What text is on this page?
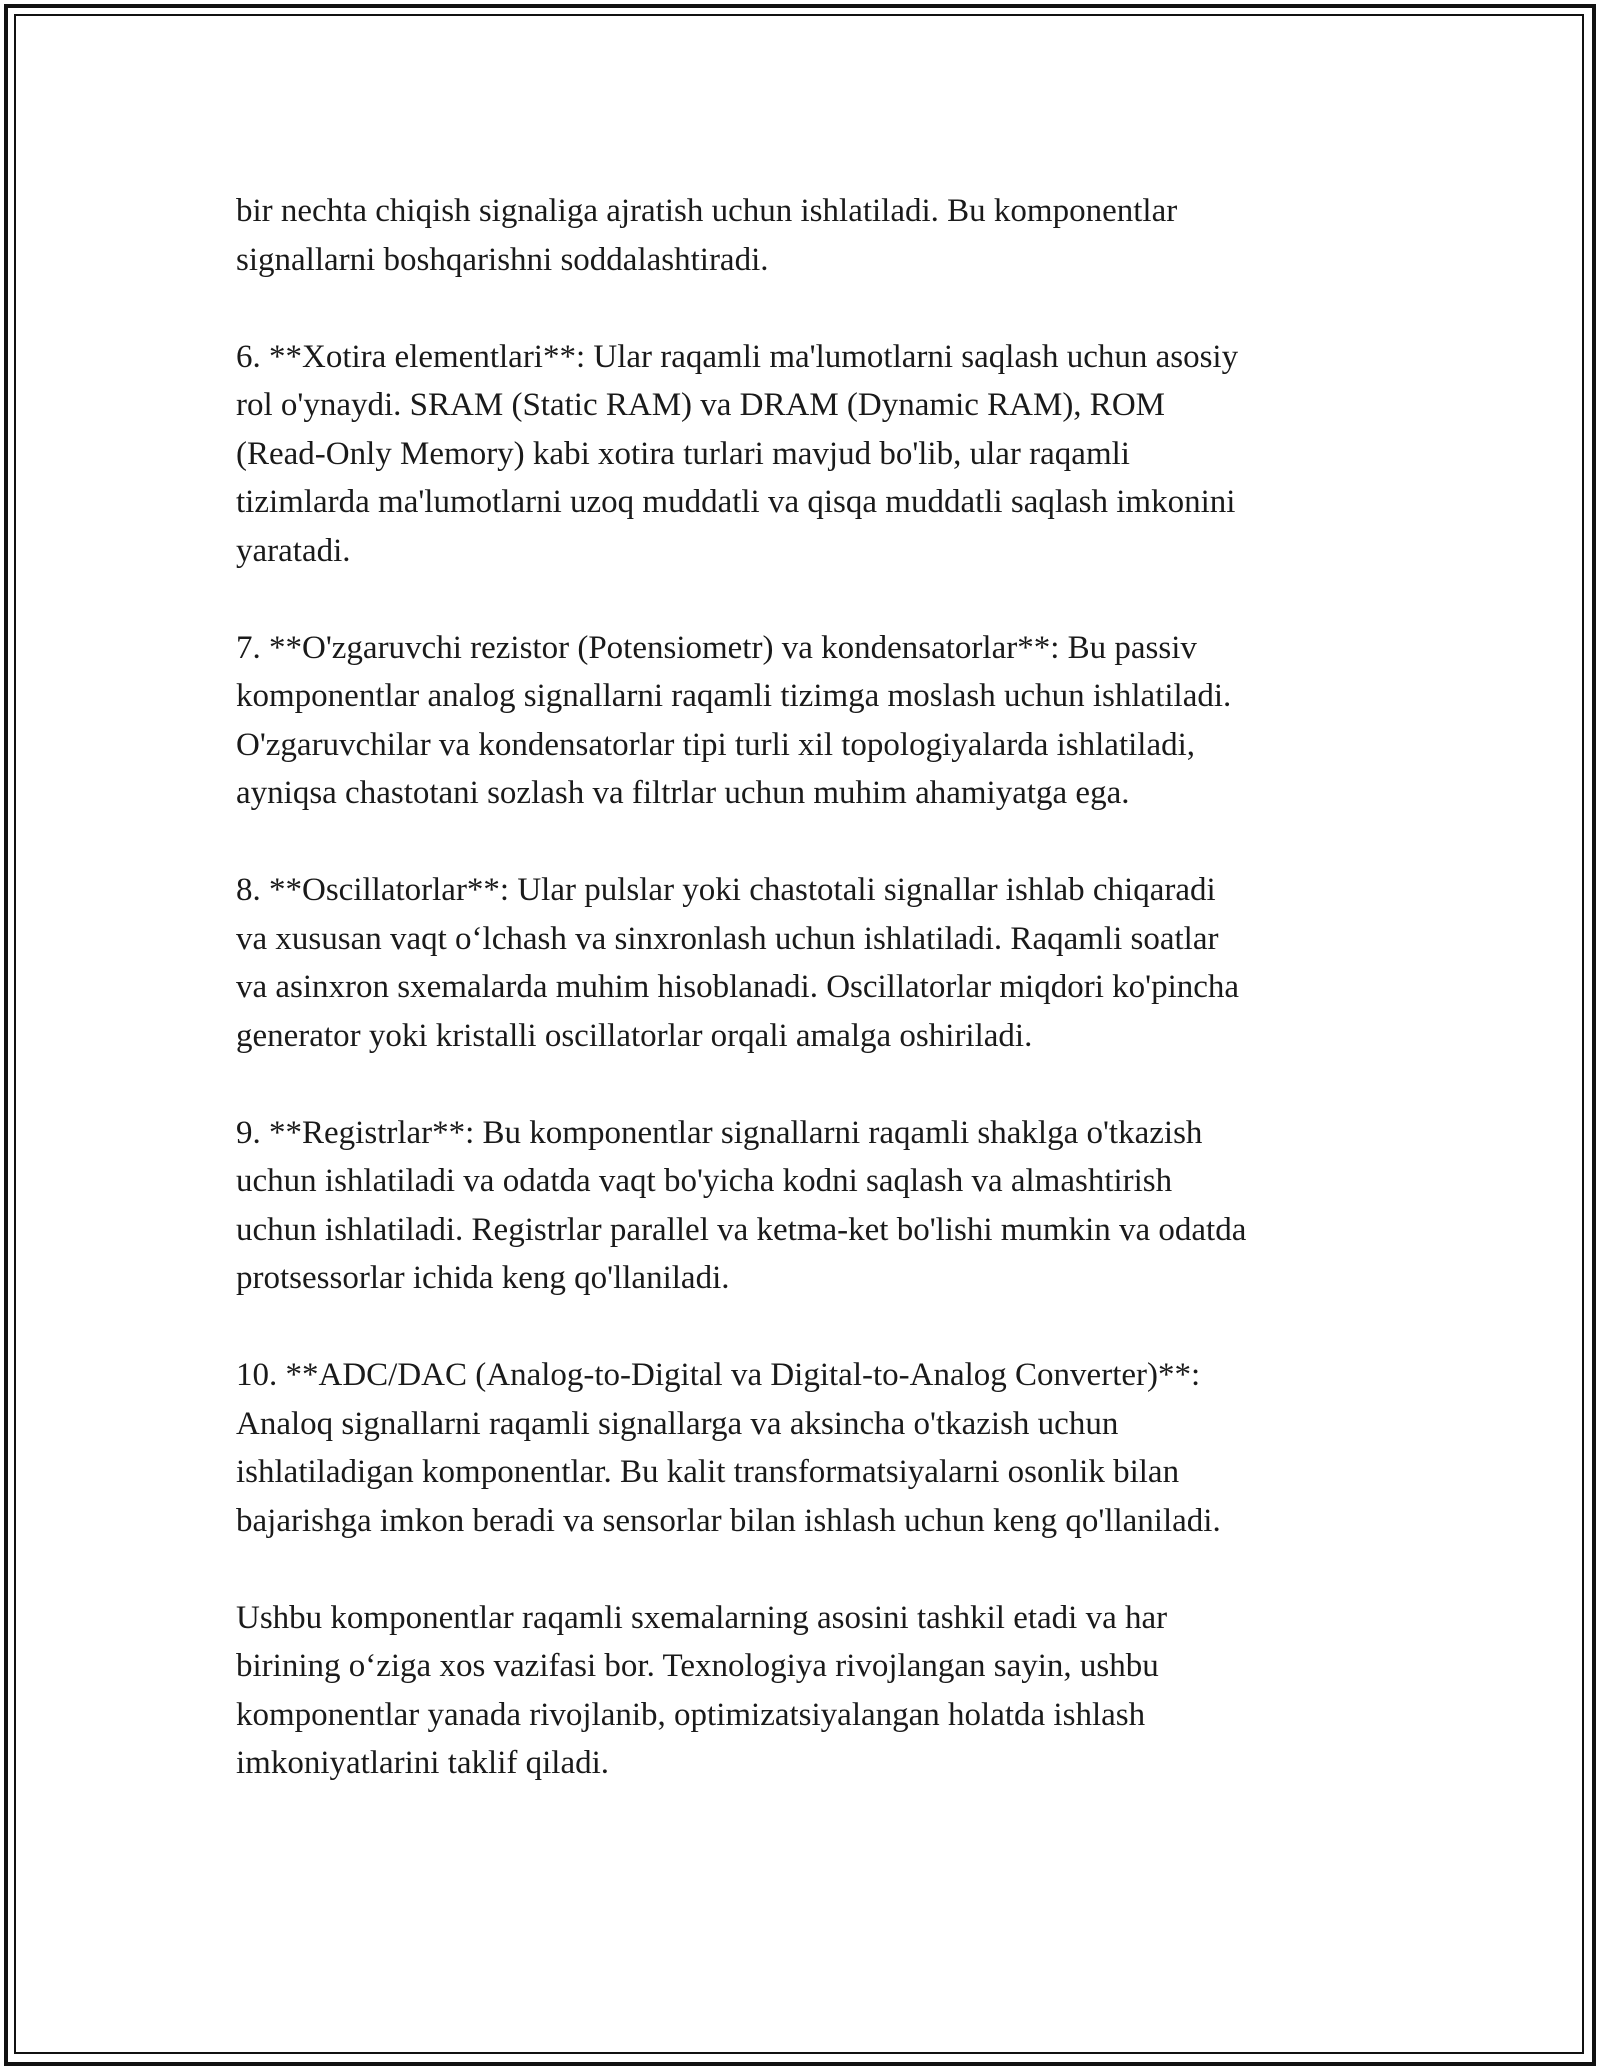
bir nechta chiqish signaliga ajratish uchun ishlatiladi. Bu komponentlar
signallarni boshqarishni soddalashtiradi.

6. **Xotira elementlari**: Ular raqamli ma'lumotlarni saqlash uchun asosiy
rol o'ynaydi. SRAM (Static RAM) va DRAM (Dynamic RAM), ROM
(Read-Only Memory) kabi xotira turlari mavjud bo'lib, ular raqamli
tizimlarda ma'lumotlarni uzoq muddatli va qisqa muddatli saqlash imkonini
yaratadi.

7. **O'zgaruvchi rezistor (Potensiometr) va kondensatorlar**: Bu passiv
komponentlar analog signallarni raqamli tizimga moslash uchun ishlatiladi.
O'zgaruvchilar va kondensatorlar tipi turli xil topologiyalarda ishlatiladi,
ayniqsa chastotani sozlash va filtrlar uchun muhim ahamiyatga ega.

8. **Oscillatorlar**: Ular pulslar yoki chastotali signallar ishlab chiqaradi
va xususan vaqt o‘lchash va sinxronlash uchun ishlatiladi. Raqamli soatlar
va asinxron sxemalarda muhim hisoblanadi. Oscillatorlar miqdori ko'pincha
generator yoki kristalli oscillatorlar orqali amalga oshiriladi.

9. **Registrlar**: Bu komponentlar signallarni raqamli shaklga o'tkazish
uchun ishlatiladi va odatda vaqt bo'yicha kodni saqlash va almashtirish
uchun ishlatiladi. Registrlar parallel va ketma-ket bo'lishi mumkin va odatda
protsessorlar ichida keng qo'llaniladi.

10. **ADC/DAC (Analog-to-Digital va Digital-to-Analog Converter)**:
Analoq signallarni raqamli signallarga va aksincha o'tkazish uchun
ishlatiladigan komponentlar. Bu kalit transformatsiyalarni osonlik bilan
bajarishga imkon beradi va sensorlar bilan ishlash uchun keng qo'llaniladi.

Ushbu komponentlar raqamli sxemalarning asosini tashkil etadi va har
birining o‘ziga xos vazifasi bor. Texnologiya rivojlangan sayin, ushbu
komponentlar yanada rivojlanib, optimizatsiyalangan holatda ishlash
imkoniyatlarini taklif qiladi.
